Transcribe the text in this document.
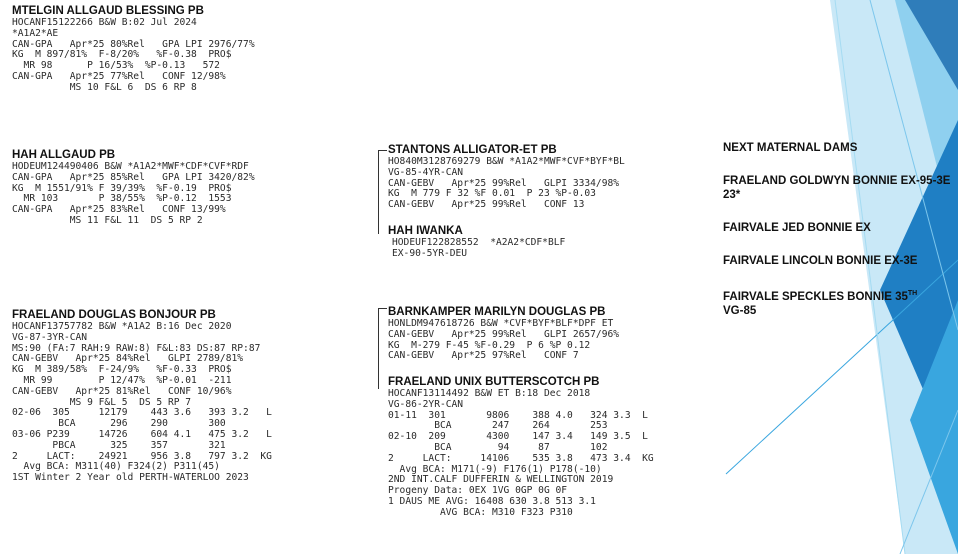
MTELGIN ALLGAUD BLESSING PB
HOCANF15122266 B&W B:02 Jul 2024
*A1A2*AE
CAN-GPA   Apr*25 80%Rel   GPA LPI 2976/77%
KG  M 897/81%  F-8/20%   %F-0.38  PRO$
MR 98      P 16/53%  %P-0.13   572
CAN-GPA   Apr*25 77%Rel   CONF 12/98%
MS 10 F&L 6  DS 6 RP 8
HAH ALLGAUD PB
HODEUM124490406 B&W *A1A2*MWF*CDF*CVF*RDF
CAN-GPA   Apr*25 85%Rel   GPA LPI 3420/82%
KG  M 1551/91% F 39/39%  %F-0.19  PRO$
MR 103       P 38/55%  %P-0.12  1553
CAN-GPA   Apr*25 83%Rel   CONF 13/99%
MS 11 F&L 11  DS 5 RP 2
STANTONS ALLIGATOR-ET PB
HO840M3128769279 B&W *A1A2*MWF*CVF*BYF*BL
VG-85-4YR-CAN
CAN-GEBV   Apr*25 99%Rel   GLPI 3334/98%
KG  M 779 F 32 %F 0.01  P 23 %P-0.03
CAN-GEBV   Apr*25 99%Rel   CONF 13
HAH IWANKA
HODEUF122828552  *A2A2*CDF*BLF
EX-90-5YR-DEU
FRAELAND DOUGLAS BONJOUR PB
HOCANF13757782 B&W *A1A2 B:16 Dec 2020
VG-87-3YR-CAN
MS:90 (FA:7 RAH:9 RAW:8) F&L:83 DS:87 RP:87
CAN-GEBV   Apr*25 84%Rel   GLPI 2789/81%
KG  M 389/58%  F-24/9%   %F-0.33  PRO$
MR 99        P 12/47%  %P-0.01  -211
CAN-GEBV   Apr*25 81%Rel   CONF 10/96%
MS 9 F&L 5  DS 5 RP 7
02-06  305     12179    443 3.6   393 3.2   L
BCA      296    290       300
03-06 P239     14726    604 4.1   475 3.2   L
PBCA      325    357       321
2     LACT:    24921    956 3.8   797 3.2  KG
Avg BCA: M311(40) F324(2) P311(45)
1ST Winter 2 Year old PERTH-WATERLOO 2023
BARNKAMPER MARILYN DOUGLAS PB
HONLDM947618726 B&W *CVF*BYF*BLF*DPF ET
CAN-GEBV   Apr*25 99%Rel   GLPI 2657/96%
KG  M-279 F-45 %F-0.29  P 6 %P 0.12
CAN-GEBV   Apr*25 97%Rel   CONF 7
FRAELAND UNIX BUTTERSCOTCH PB
HOCANF13114492 B&W ET B:18 Dec 2018
VG-86-2YR-CAN
01-11  301       9806    388 4.0   324 3.3  L
BCA       247    264       253
02-10  209       4300    147 3.4   149 3.5  L
BCA        94     87       102
2     LACT:     14106    535 3.8   473 3.4  KG
Avg BCA: M171(-9) F176(1) P178(-10)
2ND INT.CALF DUFFERIN & WELLINGTON 2019
Progeny Data: 0EX 1VG 0GP 0G 0F
1 DAUS ME AVG: 16408 630 3.8 513 3.1
AVG BCA: M310 F323 P310
NEXT MATERNAL DAMS
FRAELAND GOLDWYN BONNIE EX-95-3E 23*
FAIRVALE JED BONNIE EX
FAIRVALE LINCOLN BONNIE EX-3E
FAIRVALE SPECKLES BONNIE 35TH
VG-85
